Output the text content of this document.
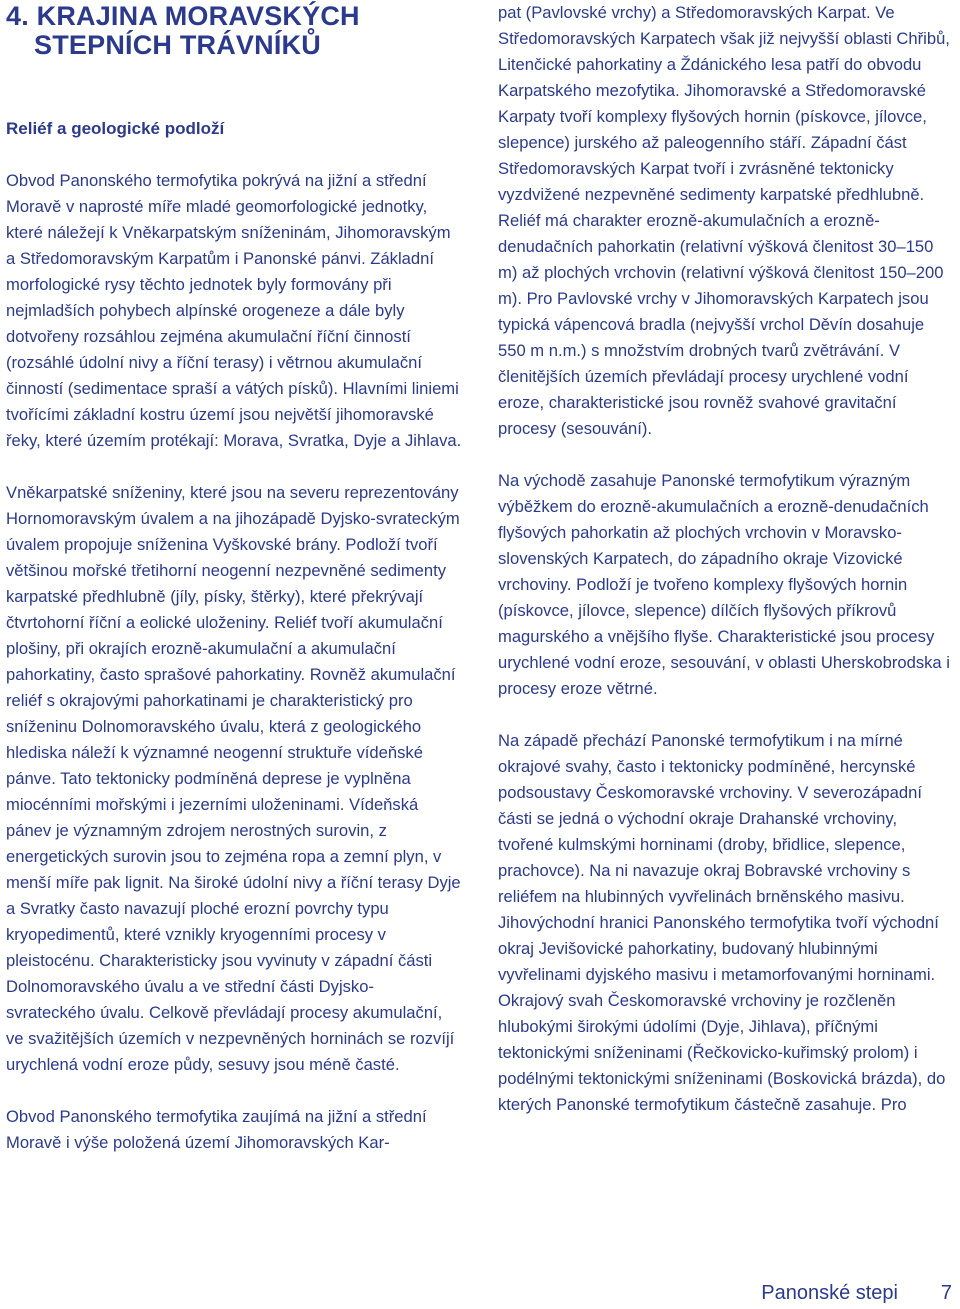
4. KRAJINA MORAVSKÝCH
STEPNÍCH TRÁVNÍKŮ
Reliéf a geologické podloží

Obvod Panonského termofytika pokrývá na jižní a střední Moravě v naprosté míře mladé geomorfologické jednotky, které náležejí k Vněkarpatským sníženinám, Jihomoravským a Středomoravským Karpatům i Panonské pánvi. Základní morfologické rysy těchto jednotek byly formovány při nejmladších pohybech alpínské orogeneze a dále byly dotvořeny rozsáhlou zejména akumulační říční činností (rozsáhlé údolní nivy a říční terasy) i větrnou akumulační činností (sedimentace spraší a vátých písků). Hlavními liniemi tvořícími základní kostru území jsou největší jihomoravské řeky, které územím protékají: Morava, Svratka, Dyje a Jihlava.

Vněkarpatské sníženiny, které jsou na severu reprezentovány Hornomoravským úvalem a na jihozápadě Dyjsko-svrateckým úvalem propojuje sníženina Vyškovské brány. Podloží tvoří většinou mořské třetihorní neogenní nezpevněné sedimenty karpatské předhlubně (jíly, písky, štěrky), které překrývají čtvrtohorní říční a eolické uloženiny. Reliéf tvoří akumulační plošiny, při okrajích erozně-akumulační a akumulační pahorkatiny, často sprašové pahorkatiny. Rovněž akumulační reliéf s okrajovými pahorkatinami je charakteristický pro sníženinu Dolnomoravského úvalu, která z geologického hlediska náleží k významné neogenní struktuře vídeňské pánve. Tato tektonicky podmíněná deprese je vyplněna miocénními mořskými i jezerními uloženinami. Vídeňská pánev je významným zdrojem nerostných surovin, z energetických surovin jsou to zejména ropa a zemní plyn, v menší míře pak lignit. Na široké údolní nivy a říční terasy Dyje a Svratky často navazují ploché erozní povrchy typu kryopedimentů, které vznikly kryogenními procesy v pleistocénu. Charakteristicky jsou vyvinuty v západní části Dolnomoravského úvalu a ve střední části Dyjsko-svrateckého úvalu. Celkově převládají procesy akumulační, ve svažitějších územích v nezpevněných horninách se rozvíjí urychlená vodní eroze půdy, sesuvy jsou méně časté.

Obvod Panonského termofytika zaujímá na jižní a střední Moravě i výše položená území Jihomoravských Kar-

pat (Pavlovské vrchy) a Středomoravských Karpat. Ve Středomoravských Karpatech však již nejvyšší oblasti Chřibů, Litenčické pahorkatiny a Ždánického lesa patří do obvodu Karpatského mezofytika. Jihomoravské a Středomoravské Karpaty tvoří komplexy flyšových hornin (pískovce, jílovce, slepence) jurského až paleogenního stáří. Západní část Středomoravských Karpat tvoří i zvrásněné tektonicky vyzdvižené nezpevněné sedimenty karpatské předhlubně. Reliéf má charakter erozně-akumulačních a erozně-denudačních pahorkatin (relativní výšková členitost 30–150 m) až plochých vrchovin (relativní výšková členitost 150–200 m). Pro Pavlovské vrchy v Jihomoravských Karpatech jsou typická vápencová bradla (nejvyšší vrchol Děvín dosahuje 550 m n.m.) s množstvím drobných tvarů zvětrávání. V členitějších územích převládají procesy urychlené vodní eroze, charakteristické jsou rovněž svahové gravitační procesy (sesouvání).

Na východě zasahuje Panonské termofytikum výrazným výběžkem do erozně-akumulačních a erozně-denudačních flyšových pahorkatin až plochých vrchovin v Moravsko-slovenských Karpatech, do západního okraje Vizovické vrchoviny. Podloží je tvořeno komplexy flyšových hornin (pískovce, jílovce, slepence) dílčích flyšových příkrovů magurského a vnějšího flyše. Charakteristické jsou procesy urychlené vodní eroze, sesouvání, v oblasti Uherskobrodska i procesy eroze větrné.

Na západě přechází Panonské termofytikum i na mírné okrajové svahy, často i tektonicky podmíněné, hercynské podsoustavy Českomoravské vrchoviny. V severozápadní části se jedná o východní okraje Drahanské vrchoviny, tvořené kulmskými horninami (droby, břidlice, slepence, prachovce). Na ni navazuje okraj Bobravské vrchoviny s reliéfem na hlubinných vyvřelinách brněnského masivu. Jihovýchodní hranici Panonského termofytika tvoří východní okraj Jevišovické pahorkatiny, budovaný hlubinnými vyvřelinami dyjského masivu i metamorfovanými horninami. Okrajový svah Českomoravské vrchoviny je rozčleněn hlubokými širokými údolími (Dyje, Jihlava), příčnými tektonickými sníženinami (Řečkovicko-kuřimský prolom) i podélnými tektonickými sníženinami (Boskovická brázda), do kterých Panonské termofytikum částečně zasahuje. Pro

Panonské stepi 7
